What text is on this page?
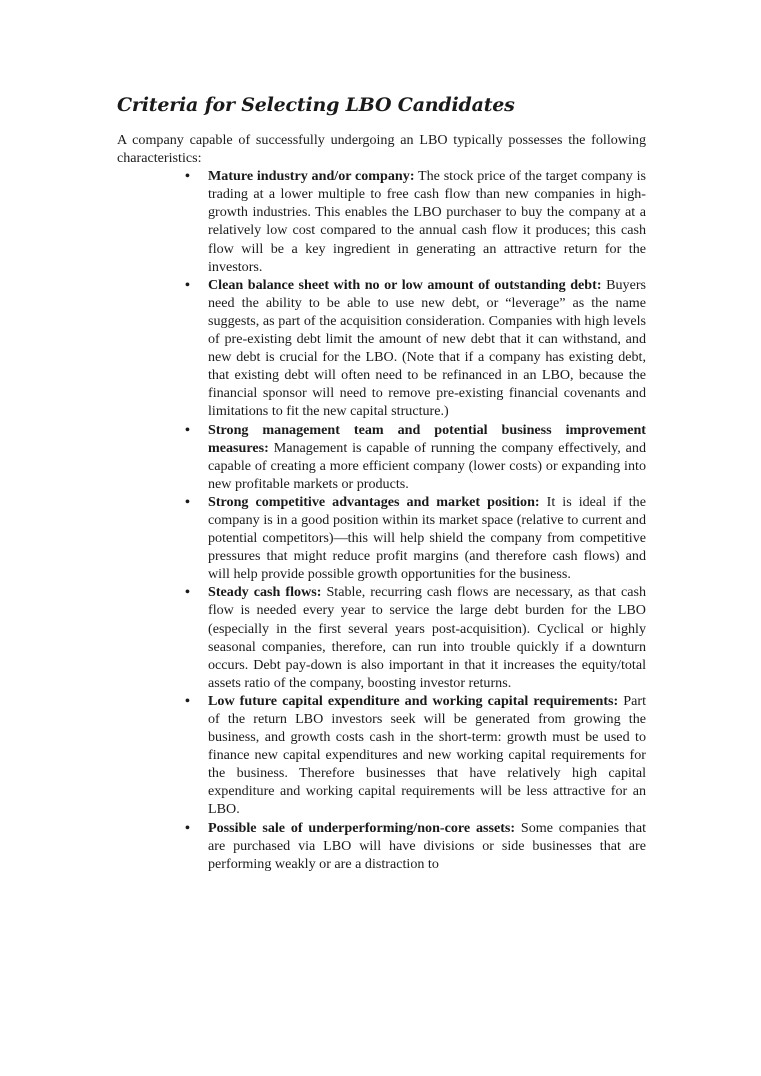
Criteria for Selecting LBO Candidates

A company capable of successfully undergoing an LBO typically possesses the following characteristics:

• Mature industry and/or company: The stock price of the target company is trading at a lower multiple to free cash flow than new companies in high-growth industries. This enables the LBO purchaser to buy the company at a relatively low cost compared to the annual cash flow it produces; this cash flow will be a key ingredient in generating an attractive return for the investors.
• Clean balance sheet with no or low amount of outstanding debt: Buyers need the ability to be able to use new debt, or “leverage” as the name suggests, as part of the acquisition consideration. Companies with high levels of pre-existing debt limit the amount of new debt that it can withstand, and new debt is crucial for the LBO. (Note that if a company has existing debt, that existing debt will often need to be refinanced in an LBO, because the financial sponsor will need to remove pre-existing financial covenants and limitations to fit the new capital structure.)
• Strong management team and potential business improvement measures: Management is capable of running the company effectively, and capable of creating a more efficient company (lower costs) or expanding into new profitable markets or products.
• Strong competitive advantages and market position: It is ideal if the company is in a good position within its market space (relative to current and potential competitors)—this will help shield the company from competitive pressures that might reduce profit margins (and therefore cash flows) and will help provide possible growth opportunities for the business.
• Steady cash flows: Stable, recurring cash flows are necessary, as that cash flow is needed every year to service the large debt burden for the LBO (especially in the first several years post-acquisition). Cyclical or highly seasonal companies, therefore, can run into trouble quickly if a downturn occurs. Debt pay-down is also important in that it increases the equity/total assets ratio of the company, boosting investor returns.
• Low future capital expenditure and working capital requirements: Part of the return LBO investors seek will be generated from growing the business, and growth costs cash in the short-term: growth must be used to finance new capital expenditures and new working capital requirements for the business. Therefore businesses that have relatively high capital expenditure and working capital requirements will be less attractive for an LBO.
• Possible sale of underperforming/non-core assets: Some companies that are purchased via LBO will have divisions or side businesses that are performing weakly or are a distraction to
